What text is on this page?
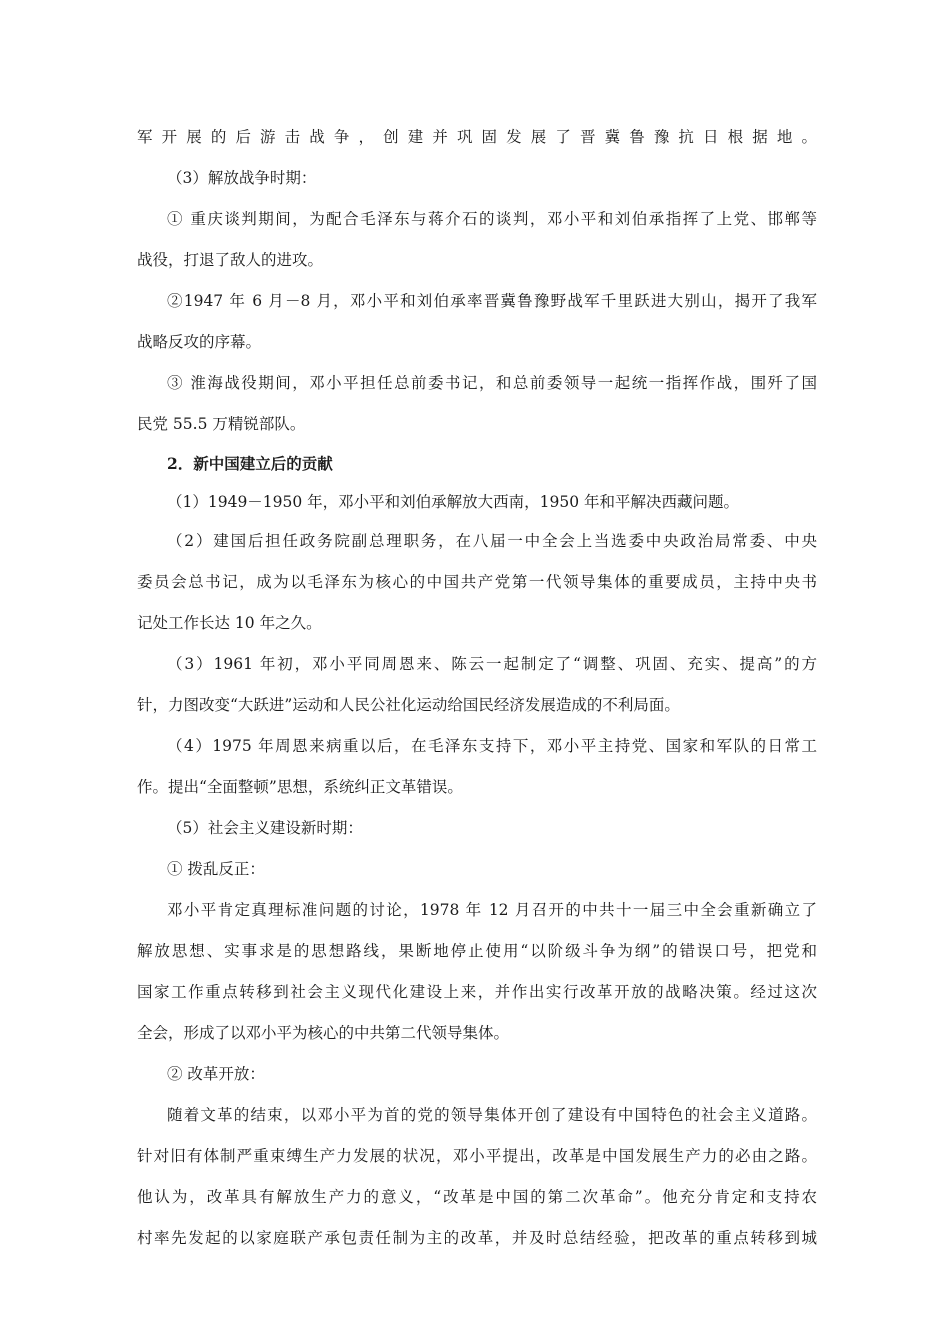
军开展的后游击战争，创建并巩固发展了晋冀鲁豫抗日根据地。
（3）解放战争时期：
① 重庆谈判期间，为配合毛泽东与蒋介石的谈判，邓小平和刘伯承指挥了上党、邯郸等
战役，打退了敌人的进攻。
②1947 年 6 月－8 月，邓小平和刘伯承率晋冀鲁豫野战军千里跃进大别山，揭开了我军
战略反攻的序幕。
③ 淮海战役期间，邓小平担任总前委书记，和总前委领导一起统一指挥作战，围歼了国
民党 55.5 万精锐部队。
2．新中国建立后的贡献
（1）1949－1950 年，邓小平和刘伯承解放大西南，1950 年和平解决西藏问题。
（2）建国后担任政务院副总理职务，在八届一中全会上当选委中央政治局常委、中央
委员会总书记，成为以毛泽东为核心的中国共产党第一代领导集体的重要成员，主持中央书
记处工作长达 10 年之久。
（3）1961 年初，邓小平同周恩来、陈云一起制定了“调整、巩固、充实、提高”的方
针，力图改变“大跃进”运动和人民公社化运动给国民经济发展造成的不利局面。
（4）1975 年周恩来病重以后，在毛泽东支持下，邓小平主持党、国家和军队的日常工
作。提出“全面整顿”思想，系统纠正文革错误。
（5）社会主义建设新时期：
① 拨乱反正：
邓小平肯定真理标准问题的讨论，1978 年 12 月召开的中共十一届三中全会重新确立了
解放思想、实事求是的思想路线，果断地停止使用“以阶级斗争为纲”的错误口号，把党和
国家工作重点转移到社会主义现代化建设上来，并作出实行改革开放的战略决策。经过这次
全会，形成了以邓小平为核心的中共第二代领导集体。
② 改革开放：
随着文革的结束，以邓小平为首的党的领导集体开创了建设有中国特色的社会主义道路。
针对旧有体制严重束缚生产力发展的状况，邓小平提出，改革是中国发展生产力的必由之路。
他认为，改革具有解放生产力的意义，“改革是中国的第二次革命”。他充分肯定和支持农
村率先发起的以家庭联产承包责任制为主的改革，并及时总结经验，把改革的重点转移到城
